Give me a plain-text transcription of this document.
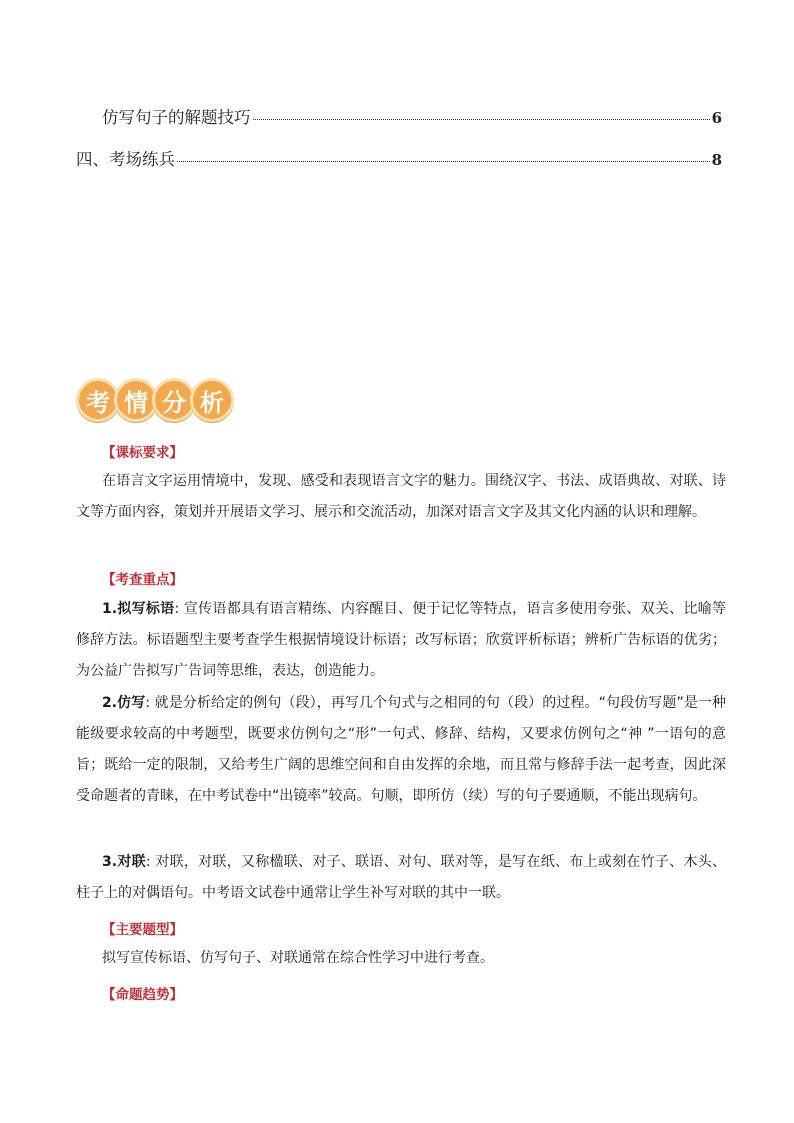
仿写句子的解题技巧	6
四、考场练兵	8
考 情 分 析
【课标要求】
在语言文字运用情境中，发现、感受和表现语言文字的魅力。围绕汉字、书法、成语典故、对联、诗文等方面内容，策划并开展语文学习、展示和交流活动，加深对语言文字及其文化内涵的认识和理解。
【考查重点】
1.拟写标语: 宣传语都具有语言精练、内容醒目、便于记忆等特点，语言多使用夸张、双关、比喻等修辞方法。标语题型主要考查学生根据情境设计标语；改写标语；欣赏评析标语；辨析广告标语的优劣；为公益广告拟写广告词等思维，表达，创造能力。
2.仿写: 就是分析给定的例句（段），再写几个句式与之相同的句（段）的过程。“句段仿写题”是一种能级要求较高的中考题型，既要求仿例句之“形”一句式、修辞、结构，又要求仿例句之“神 ”一语句的意旨；既给一定的限制，又给考生广阔的思维空间和自由发挥的余地，而且常与修辞手法一起考查，因此深受命题者的青睐，在中考试卷中“出镜率”较高。句顺，即所仿（续）写的句子要通顺，不能出现病句。
3.对联: 对联，对联，又称楹联、对子、联语、对句、联对等，是写在纸、布上或刻在竹子、木头、柱子上的对偶语句。中考语文试卷中通常让学生补写对联的其中一联。
【主要题型】
拟写宣传标语、仿写句子、对联通常在综合性学习中进行考查。
【命题趋势】
